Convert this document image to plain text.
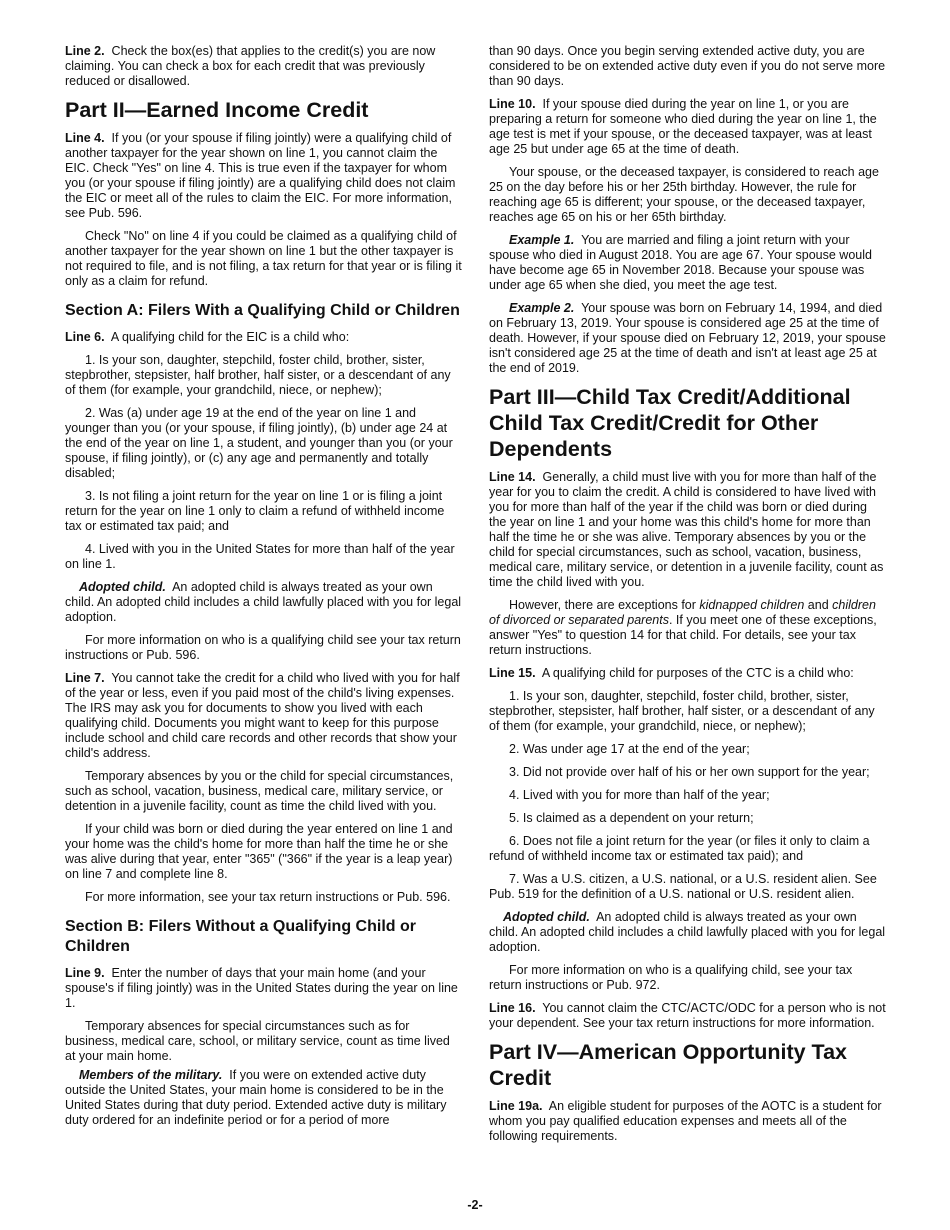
Line 2. Check the box(es) that applies to the credit(s) you are now claiming. You can check a box for each credit that was previously reduced or disallowed.

Part II—Earned Income Credit

Line 4. If you (or your spouse if filing jointly) were a qualifying child of another taxpayer for the year shown on line 1, you cannot claim the EIC. Check "Yes" on line 4. This is true even if the taxpayer for whom you (or your spouse if filing jointly) are a qualifying child does not claim the EIC or meet all of the rules to claim the EIC. For more information, see Pub. 596.

Check "No" on line 4 if you could be claimed as a qualifying child of another taxpayer for the year shown on line 1 but the other taxpayer is not required to file, and is not filing, a tax return for that year or is filing it only as a claim for refund.

Section A: Filers With a Qualifying Child or Children

Line 6. A qualifying child for the EIC is a child who:

1. Is your son, daughter, stepchild, foster child, brother, sister, stepbrother, stepsister, half brother, half sister, or a descendant of any of them (for example, your grandchild, niece, or nephew);

2. Was (a) under age 19 at the end of the year on line 1 and younger than you (or your spouse, if filing jointly), (b) under age 24 at the end of the year on line 1, a student, and younger than you (or your spouse, if filing jointly), or (c) any age and permanently and totally disabled;

3. Is not filing a joint return for the year on line 1 or is filing a joint return for the year on line 1 only to claim a refund of withheld income tax or estimated tax paid; and

4. Lived with you in the United States for more than half of the year on line 1.

Adopted child. An adopted child is always treated as your own child. An adopted child includes a child lawfully placed with you for legal adoption.

For more information on who is a qualifying child see your tax return instructions or Pub. 596.

Line 7. You cannot take the credit for a child who lived with you for half of the year or less, even if you paid most of the child's living expenses. The IRS may ask you for documents to show you lived with each qualifying child. Documents you might want to keep for this purpose include school and child care records and other records that show your child's address.

Temporary absences by you or the child for special circumstances, such as school, vacation, business, medical care, military service, or detention in a juvenile facility, count as time the child lived with you.

If your child was born or died during the year entered on line 1 and your home was the child's home for more than half the time he or she was alive during that year, enter "365" ("366" if the year is a leap year) on line 7 and complete line 8.

For more information, see your tax return instructions or Pub. 596.

Section B: Filers Without a Qualifying Child or Children

Line 9. Enter the number of days that your main home (and your spouse's if filing jointly) was in the United States during the year on line 1.

Temporary absences for special circumstances such as for business, medical care, school, or military service, count as time lived at your main home.

Members of the military. If you were on extended active duty outside the United States, your main home is considered to be in the United States during that duty period. Extended active duty is military duty ordered for an indefinite period or for a period of more

than 90 days. Once you begin serving extended active duty, you are considered to be on extended active duty even if you do not serve more than 90 days.

Line 10. If your spouse died during the year on line 1, or you are preparing a return for someone who died during the year on line 1, the age test is met if your spouse, or the deceased taxpayer, was at least age 25 but under age 65 at the time of death.

Your spouse, or the deceased taxpayer, is considered to reach age 25 on the day before his or her 25th birthday. However, the rule for reaching age 65 is different; your spouse, or the deceased taxpayer, reaches age 65 on his or her 65th birthday.

Example 1. You are married and filing a joint return with your spouse who died in August 2018. You are age 67. Your spouse would have become age 65 in November 2018. Because your spouse was under age 65 when she died, you meet the age test.

Example 2. Your spouse was born on February 14, 1994, and died on February 13, 2019. Your spouse is considered age 25 at the time of death. However, if your spouse died on February 12, 2019, your spouse isn't considered age 25 at the time of death and isn't at least age 25 at the end of 2019.

Part III—Child Tax Credit/Additional Child Tax Credit/Credit for Other Dependents

Line 14. Generally, a child must live with you for more than half of the year for you to claim the credit. A child is considered to have lived with you for more than half of the year if the child was born or died during the year on line 1 and your home was this child's home for more than half the time he or she was alive. Temporary absences by you or the child for special circumstances, such as school, vacation, business, medical care, military service, or detention in a juvenile facility, count as time the child lived with you.

However, there are exceptions for kidnapped children and children of divorced or separated parents. If you meet one of these exceptions, answer "Yes" to question 14 for that child. For details, see your tax return instructions.

Line 15. A qualifying child for purposes of the CTC is a child who:

1. Is your son, daughter, stepchild, foster child, brother, sister, stepbrother, stepsister, half brother, half sister, or a descendant of any of them (for example, your grandchild, niece, or nephew);

2. Was under age 17 at the end of the year;

3. Did not provide over half of his or her own support for the year;

4. Lived with you for more than half of the year;

5. Is claimed as a dependent on your return;

6. Does not file a joint return for the year (or files it only to claim a refund of withheld income tax or estimated tax paid); and

7. Was a U.S. citizen, a U.S. national, or a U.S. resident alien. See Pub. 519 for the definition of a U.S. national or U.S. resident alien.

Adopted child. An adopted child is always treated as your own child. An adopted child includes a child lawfully placed with you for legal adoption.

For more information on who is a qualifying child, see your tax return instructions or Pub. 972.

Line 16. You cannot claim the CTC/ACTC/ODC for a person who is not your dependent. See your tax return instructions for more information.

Part IV—American Opportunity Tax Credit

Line 19a. An eligible student for purposes of the AOTC is a student for whom you pay qualified education expenses and meets all of the following requirements.

-2-
